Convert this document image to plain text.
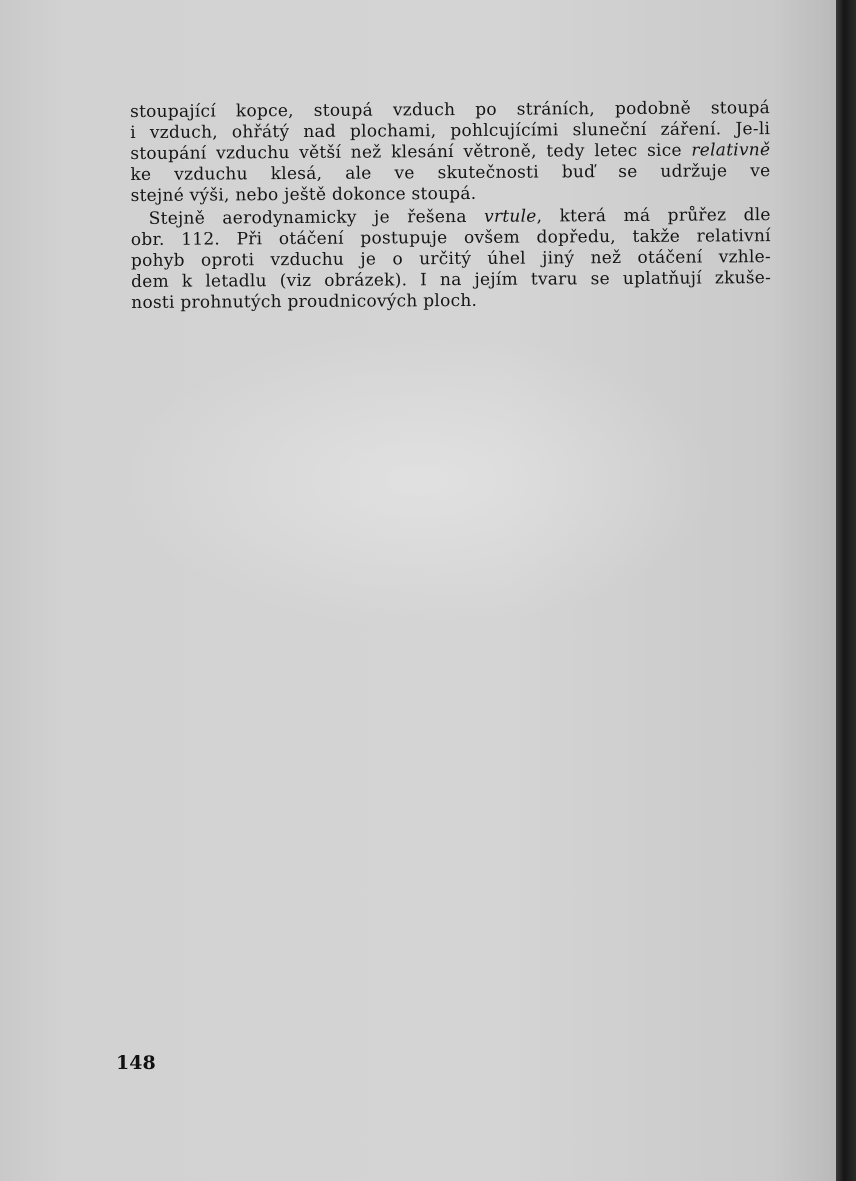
stoupající kopce, stoupá vzduch po stráních, podobně stoupá
i vzduch, ohřátý nad plochami, pohlcujícími sluneční záření. Je-li
stoupání vzduchu větší než klesání větroně, tedy letec sice relativně
ke vzduchu klesá, ale ve skutečnosti buď se udržuje ve
stejné výši, nebo ještě dokonce stoupá.
Stejně aerodynamicky je řešena vrtule, která má průřez dle
obr. 112. Při otáčení postupuje ovšem dopředu, takže relativní
pohyb oproti vzduchu je o určitý úhel jiný než otáčení vzhle-
dem k letadlu (viz obrázek). I na jejím tvaru se uplatňují zkuše-
nosti prohnutých proudnicových ploch.
148
